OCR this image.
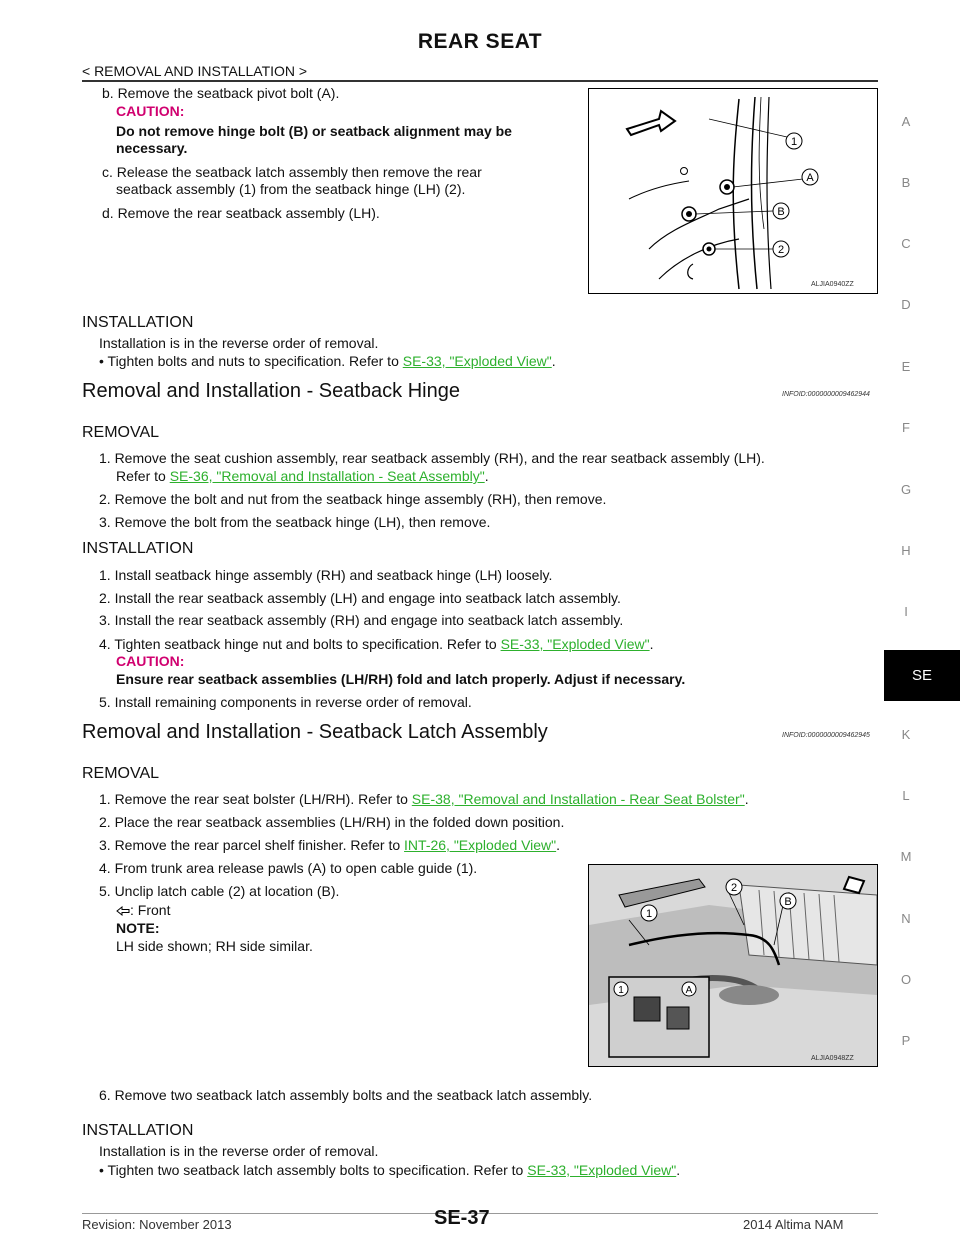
REAR SEAT
< REMOVAL AND INSTALLATION >
A
B
C
D
E
F
G
H
I
K
L
M
N
O
P
SE
b. Remove the seatback pivot bolt (A).
CAUTION:
Do not remove hinge bolt (B) or seatback alignment may be
necessary.
c. Release the seatback latch assembly then remove the rear
seatback assembly (1) from the seatback hinge (LH) (2).
d. Remove the rear seatback assembly (LH).
1
A
B
2
ALJIA0940ZZ
INSTALLATION
Installation is in the reverse order of removal.
• Tighten bolts and nuts to specification. Refer to SE-33, "Exploded View".
Removal and Installation - Seatback Hinge	INFOID:0000000009462944
REMOVAL
1. Remove the seat cushion assembly, rear seatback assembly (RH), and the rear seatback assembly (LH).
Refer to SE-36, "Removal and Installation - Seat Assembly".
2. Remove the bolt and nut from the seatback hinge assembly (RH), then remove.
3. Remove the bolt from the seatback hinge (LH), then remove.
INSTALLATION
1. Install seatback hinge assembly (RH) and seatback hinge (LH) loosely.
2. Install the rear seatback assembly (LH) and engage into seatback latch assembly.
3. Install the rear seatback assembly (RH) and engage into seatback latch assembly.
4. Tighten seatback hinge nut and bolts to specification. Refer to SE-33, "Exploded View".
CAUTION:
Ensure rear seatback assemblies (LH/RH) fold and latch properly. Adjust if necessary.
5. Install remaining components in reverse order of removal.
Removal and Installation - Seatback Latch Assembly	INFOID:0000000009462945
REMOVAL
1. Remove the rear seat bolster (LH/RH). Refer to SE-38, "Removal and Installation - Rear Seat Bolster".
2. Place the rear seatback assemblies (LH/RH) in the folded down position.
3. Remove the rear parcel shelf finisher. Refer to INT-26, "Exploded View".
4. From trunk area release pawls (A) to open cable guide (1).
5. Unclip latch cable (2) at location (B).
: Front
NOTE:
LH side shown; RH side similar.
2
B
1
1	A
ALJIA0948ZZ
6. Remove two seatback latch assembly bolts and the seatback latch assembly.
INSTALLATION
Installation is in the reverse order of removal.
• Tighten two seatback latch assembly bolts to specification. Refer to SE-33, "Exploded View".
Revision: November 2013	SE-37	2014 Altima NAM
